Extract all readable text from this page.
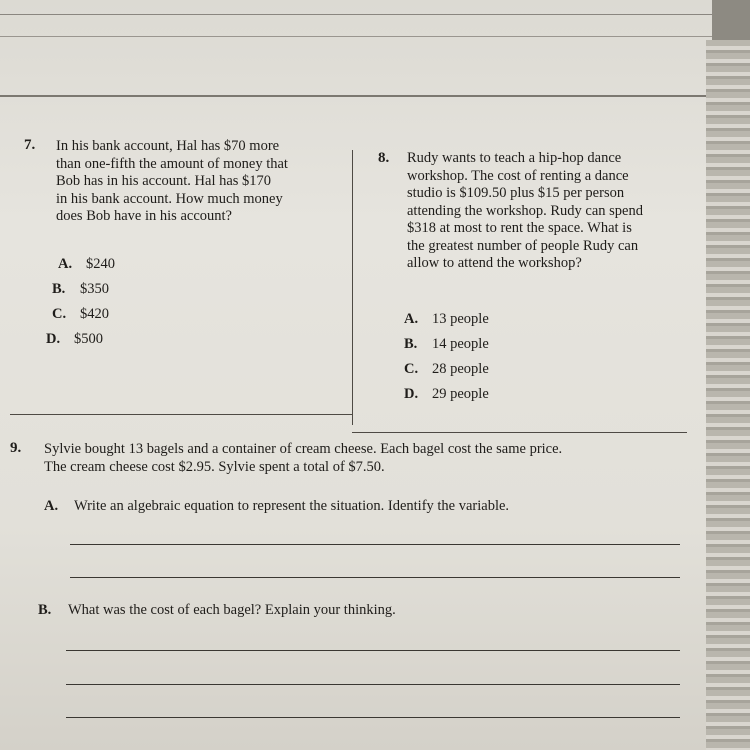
7. In his bank account, Hal has $70 more
than one-fifth the amount of money that
Bob has in his account. Hal has $170
in his bank account. How much money
does Bob have in his account?
A. $240
B. $350
C. $420
D. $500
8. Rudy wants to teach a hip-hop dance
workshop. The cost of renting a dance
studio is $109.50 plus $15 per person
attending the workshop. Rudy can spend
$318 at most to rent the space. What is
the greatest number of people Rudy can
allow to attend the workshop?
A. 13 people
B. 14 people
C. 28 people
D. 29 people
9. Sylvie bought 13 bagels and a container of cream cheese. Each bagel cost the same price.
The cream cheese cost $2.95. Sylvie spent a total of $7.50.
A. Write an algebraic equation to represent the situation. Identify the variable.
B. What was the cost of each bagel? Explain your thinking.
